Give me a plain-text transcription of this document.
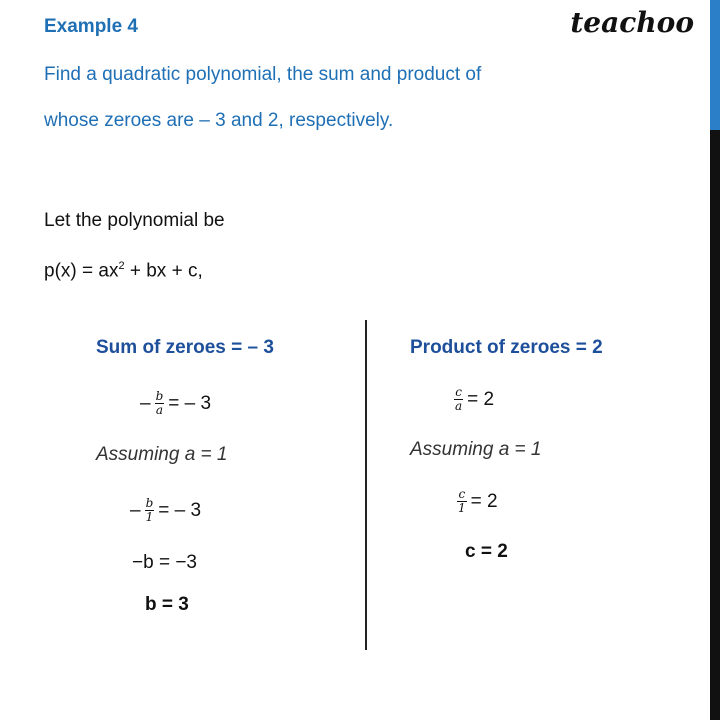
Example 4	teachoo
Find a quadratic polynomial, the sum and product of
whose zeroes are – 3 and 2, respectively.
Let the polynomial be
$p(x) = ax^2$ + bx + c,
Sum of zeroes = – 3
– $\frac{b}{a}$ = – 3
Assuming a = 1
– $\frac{b}{1}$ = – 3
−b = −3
b = 3
Product of zeroes = 2
$\frac{c}{a} = 2$
Assuming a = 1
$\frac{c}{1} = 2$
c = 2
